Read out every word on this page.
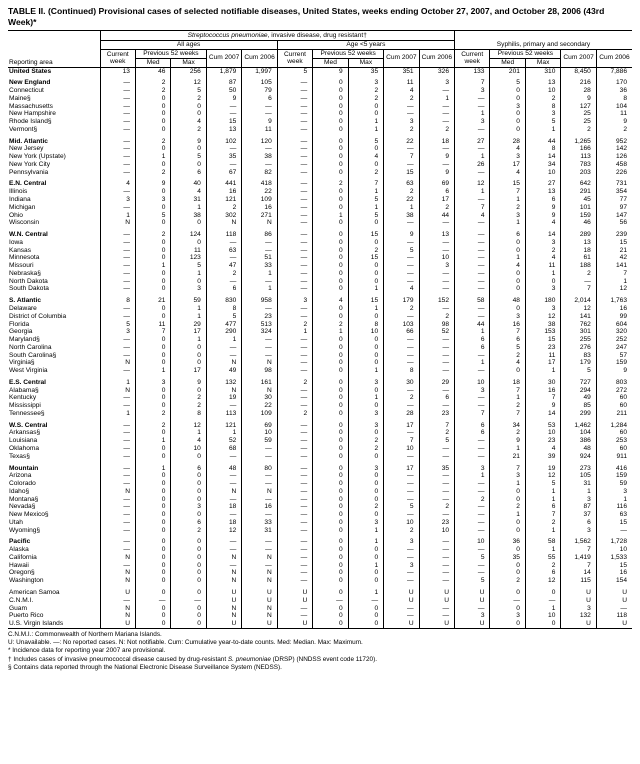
TABLE II. (Continued) Provisional cases of selected notifiable diseases, United States, weeks ending October 27, 2007, and October 28, 2006 (43rd Week)*
Reporting area	Streptococcus pneumoniae, invasive disease, drug resistant†														
	All ages					Age <5 years					Syphilis, primary and secondary				
	Current week	Previous 52 weeks		Cum 2007	Cum 2006	Current week	Previous 52 weeks		Cum 2007	Cum 2006	Current week	Previous 52 weeks		Cum 2007	Cum 2006
		Med	Max				Med	Max				Med	Max		
United States	13	46	256	1,879	1,997	5	9	35	351	326	133	201	310	8,450	7,886

New England	—	2	12	87	105	—	0	3	11	3	7	5	13	216	170
Connecticut	—	2	5	50	79	—	0	2	4	—	3	0	10	28	36
Maine§	—	0	2	9	6	—	0	2	2	1	—	0	2	9	8
Massachusetts	—	0	0	—	—	—	0	0	—	—	—	3	8	127	104
New Hampshire	—	0	0	—	—	—	0	0	—	—	1	0	3	25	11
Rhode Island§	—	0	4	15	9	—	0	1	3	—	3	0	5	25	9
Vermont§	—	0	2	13	11	—	0	1	2	2	—	0	1	2	2

Mid. Atlantic	—	2	9	102	120	—	0	5	22	18	27	28	44	1,265	952
New Jersey	—	0	0	—	—	—	0	0	—	—	—	4	8	166	142
New York (Upstate)	—	1	5	35	38	—	0	4	7	9	1	3	14	113	126
New York City	—	0	0	—	—	—	0	0	—	—	26	17	34	783	458
Pennsylvania	—	2	6	67	82	—	0	2	15	9	—	4	10	203	226

E.N. Central	4	9	40	441	418	—	2	7	63	69	12	15	27	642	731
Illinois	—	0	4	16	22	—	0	1	2	6	1	7	13	291	354
Indiana	3	3	31	121	109	—	0	5	22	17	—	1	6	45	77
Michigan	—	0	1	2	16	—	0	1	1	2	7	2	9	101	97
Ohio	1	5	38	302	271	—	1	5	38	44	4	3	9	159	147
Wisconsin	N	0	0	N	N	—	0	0	—	—	—	1	4	46	56

W.N. Central	—	2	124	118	86	—	0	15	9	13	—	6	14	289	239
Iowa	—	0	0	—	—	—	0	0	—	—	—	0	3	13	15
Kansas	—	0	11	63	—	—	0	2	5	—	—	0	2	18	21
Minnesota	—	0	123	—	51	—	0	15	—	10	—	1	4	61	42
Missouri	—	1	5	47	33	—	0	0	—	3	—	4	11	188	141
Nebraska§	—	0	1	2	1	—	0	0	—	—	—	0	1	2	7
North Dakota	—	0	0	—	—	—	0	0	—	—	—	0	0	—	1
South Dakota	—	0	3	6	1	—	0	1	4	—	—	0	3	7	12

S. Atlantic	8	21	59	830	958	3	4	15	179	152	58	48	180	2,014	1,763
Delaware	—	0	1	8	—	—	0	1	2	—	—	0	3	12	16
District of Columbia	—	0	1	5	23	—	0	0	—	2	—	3	12	141	99
Florida	5	11	29	477	513	2	2	8	103	98	44	16	38	762	604
Georgia	3	7	17	290	324	1	1	10	66	52	1	7	153	301	320
Maryland§	—	0	1	1	—	—	0	0	—	—	6	6	15	255	252
North Carolina	—	0	0	—	—	—	0	0	—	—	6	5	23	276	247
South Carolina§	—	0	0	—	—	—	0	0	—	—	—	2	11	83	57
Virginia§	N	0	0	N	N	—	0	0	—	—	1	4	17	179	159
West Virginia	—	1	17	49	98	—	0	1	8	—	—	0	1	5	9

E.S. Central	1	3	9	132	161	2	0	3	30	29	10	18	30	727	803
Alabama§	N	0	0	N	N	—	0	0	—	—	3	7	16	294	272
Kentucky	—	0	2	19	30	—	0	1	2	6	—	1	7	49	60
Mississippi	—	0	2	—	22	—	0	0	—	—	—	2	9	85	60
Tennessee§	1	2	8	113	109	2	0	3	28	23	7	7	14	299	211

W.S. Central	—	2	12	121	69	—	0	3	17	7	6	34	53	1,462	1,284
Arkansas§	—	0	1	1	10	—	0	0	—	2	6	2	10	104	60
Louisiana	—	1	4	52	59	—	0	2	7	5	—	9	23	386	253
Oklahoma	—	0	10	68	—	—	0	2	10	—	—	1	4	48	60
Texas§	—	0	0	—	—	—	0	0	—	—	—	21	39	924	911

Mountain	—	1	6	48	80	—	0	3	17	35	3	7	19	273	416
Arizona	—	0	0	—	—	—	0	0	—	—	1	3	12	105	159
Colorado	—	0	0	—	—	—	0	0	—	—	—	1	5	31	59
Idaho§	N	0	0	N	N	—	0	0	—	—	—	0	1	1	3
Montana§	—	0	0	—	—	—	0	0	—	—	2	0	1	3	1
Nevada§	—	0	3	18	16	—	0	2	5	2	—	2	6	87	116
New Mexico§	—	0	0	—	—	—	0	0	—	—	—	1	7	37	63
Utah	—	0	6	18	33	—	0	3	10	23	—	0	2	6	15
Wyoming§	—	0	2	12	31	—	0	1	2	10	—	0	1	3	—

Pacific	—	0	0	—	—	—	0	1	3	—	10	36	58	1,562	1,728
Alaska	—	0	0	—	—	—	0	0	—	—	—	0	1	7	10
California	N	0	0	N	N	—	0	0	—	—	5	35	55	1,419	1,533
Hawaii	—	0	0	—	—	—	0	1	3	—	—	0	2	7	15
Oregon§	N	0	0	N	N	—	0	0	—	—	—	0	6	14	16
Washington	N	0	0	N	N	—	0	0	—	—	5	2	12	115	154

American Samoa	U	0	0	U	U	U	0	1	U	U	U	0	0	U	U
C.N.M.I.	—	—	—	U	U	U	—	—	U	U	U	—	—	U	U
Guam	N	0	0	N	N	—	0	0	—	—	—	0	1	3	—
Puerto Rico	N	0	0	N	N	—	0	0	—	—	3	3	10	132	118
U.S. Virgin Islands	U	0	0	U	U	U	0	0	U	U	U	0	0	U	U
C.N.M.I.: Commonwealth of Northern Mariana Islands.
U: Unavailable. —: No reported cases. N: Not notifiable. Cum: Cumulative year-to-date counts. Med: Median. Max: Maximum.
* Incidence data for reporting year 2007 are provisional.
† Includes cases of invasive pneumococcal disease caused by drug-resistant S. pneumoniae (DRSP) (NNDSS event code 11720).
§ Contains data reported through the National Electronic Disease Surveillance System (NEDSS).
